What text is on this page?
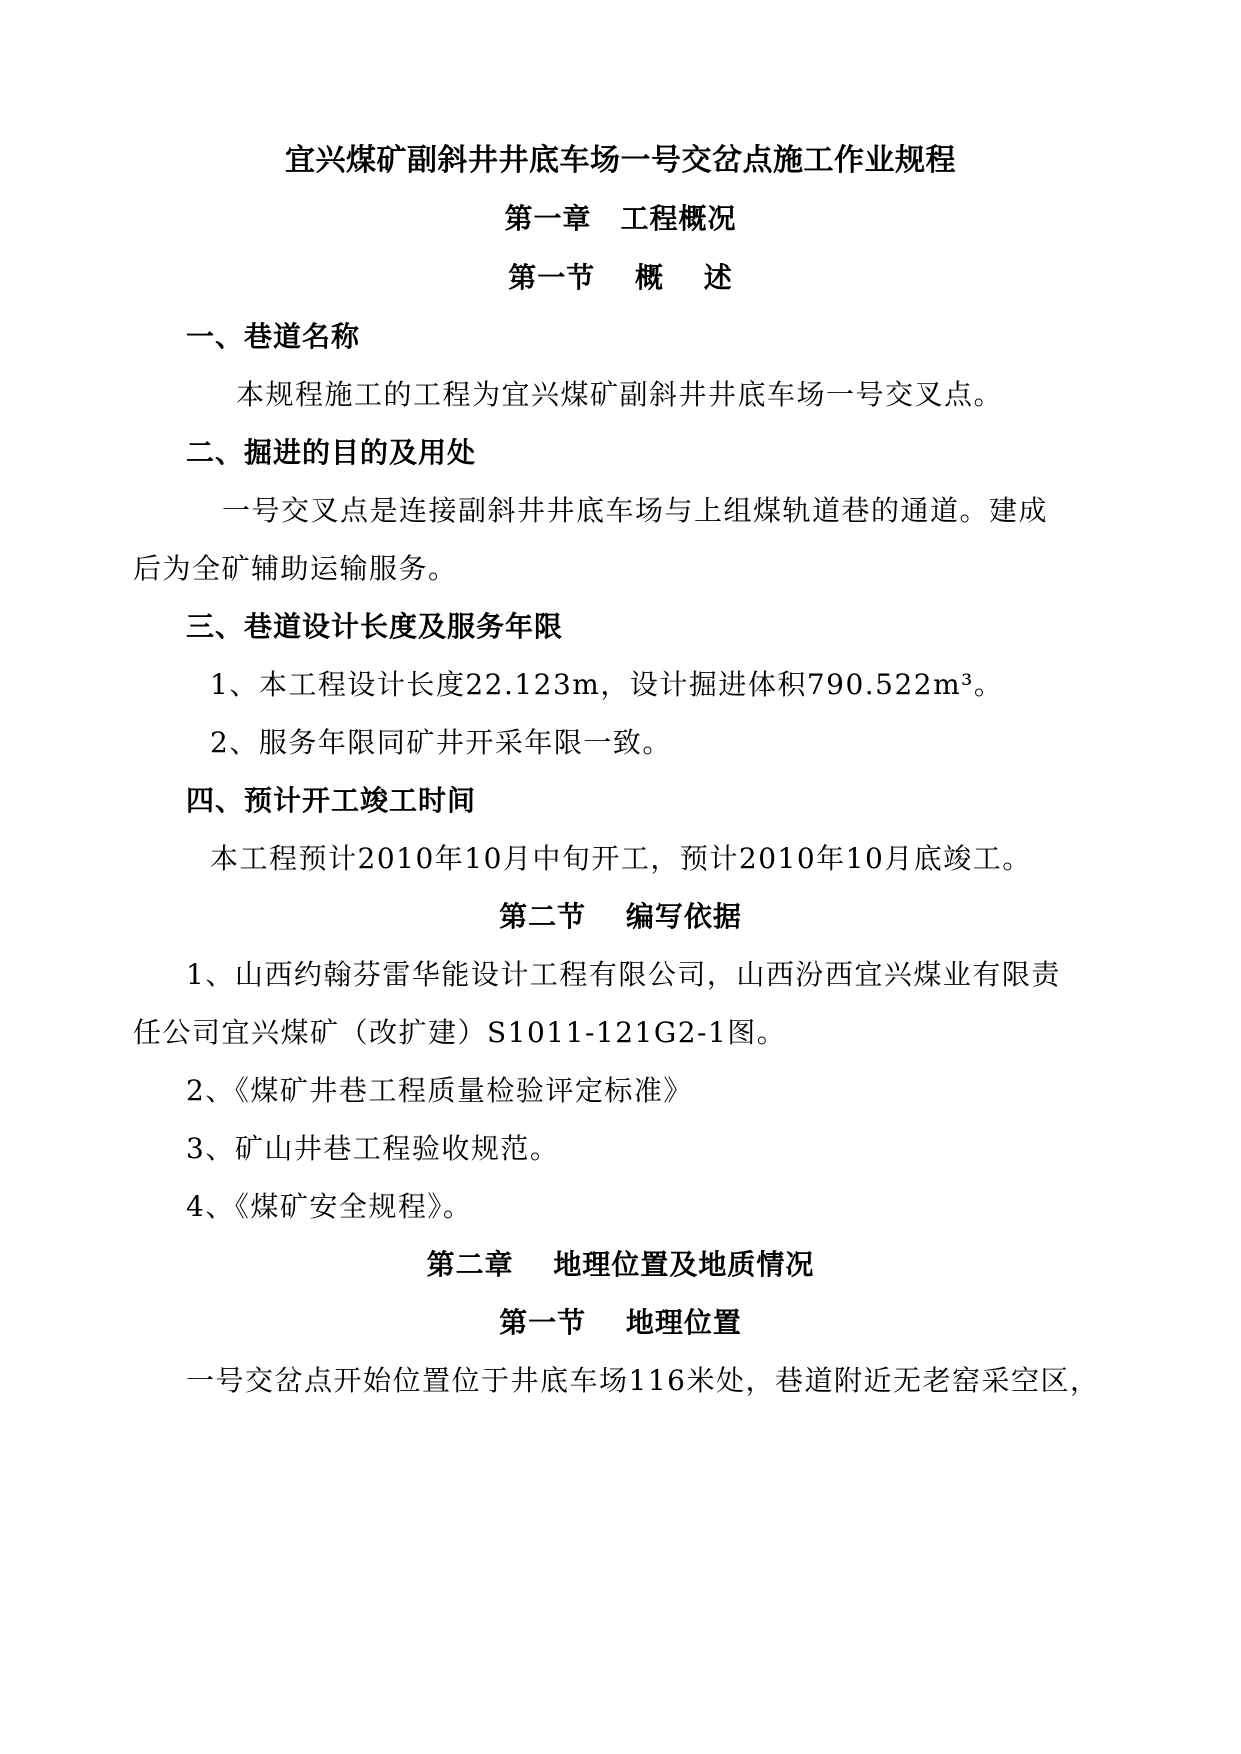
宜兴煤矿副斜井井底车场一号交岔点施工作业规程
第一章　工程概况
第一节　 概　 述
一、巷道名称
本规程施工的工程为宜兴煤矿副斜井井底车场一号交叉点。
二、掘进的目的及用处
一号交叉点是连接副斜井井底车场与上组煤轨道巷的通道。建成
后为全矿辅助运输服务。
三、巷道设计长度及服务年限
1、本工程设计长度22.123m，设计掘进体积790.522m³。
2、服务年限同矿井开采年限一致。
四、预计开工竣工时间
本工程预计2010年10月中旬开工，预计2010年10月底竣工。
第二节　 编写依据
1、山西约翰芬雷华能设计工程有限公司，山西汾西宜兴煤业有限责
任公司宜兴煤矿（改扩建）S1011-121G2-1图。
2、《煤矿井巷工程质量检验评定标准》
3、矿山井巷工程验收规范。
4、《煤矿安全规程》。
第二章　 地理位置及地质情况
第一节　 地理位置
一号交岔点开始位置位于井底车场116米处，巷道附近无老窑采空区，
